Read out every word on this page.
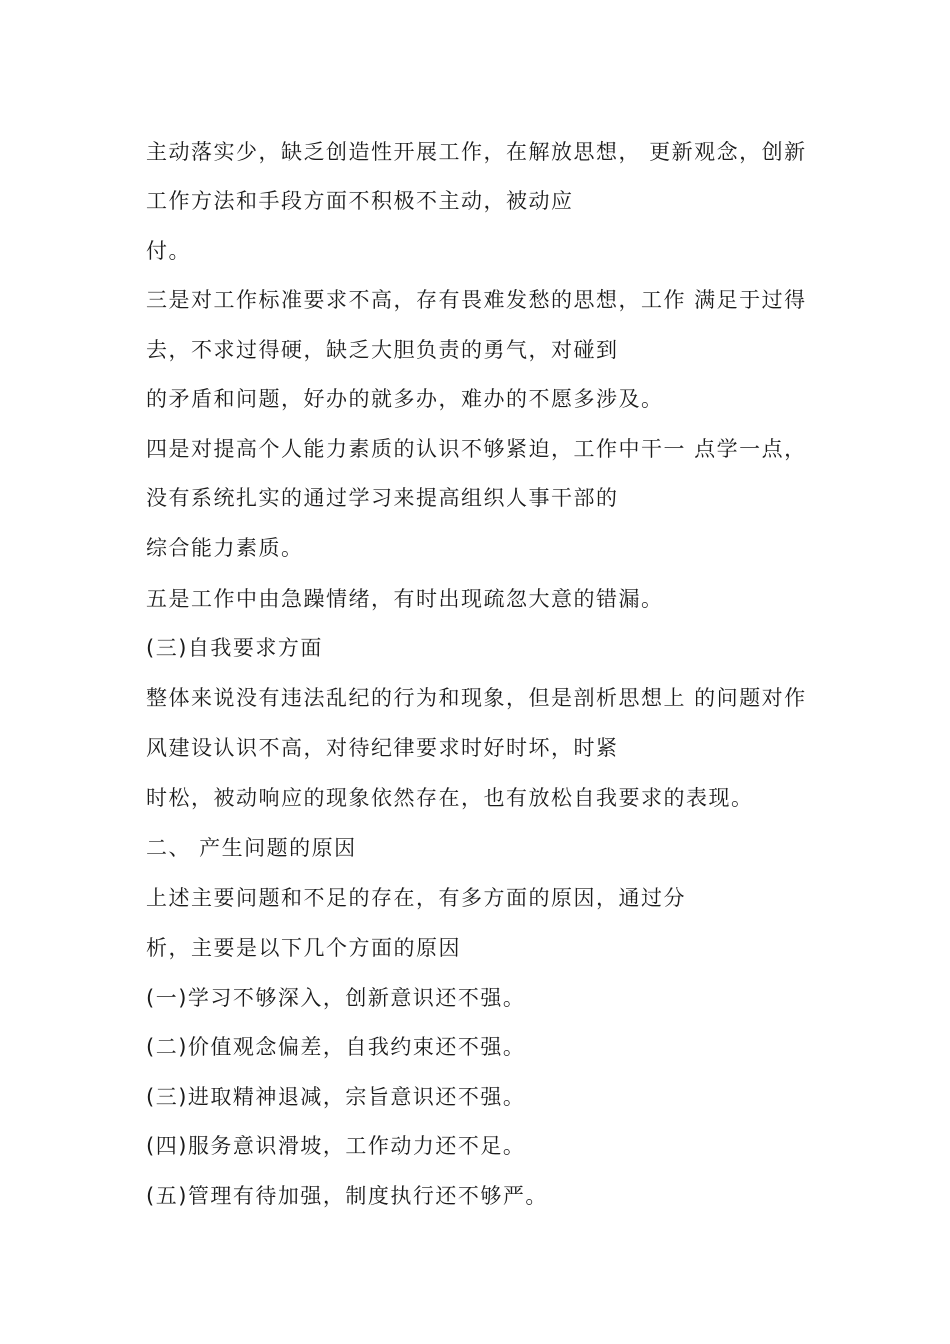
主动落实少，缺乏创造性开展工作，在解放思想， 更新观念，创新
工作方法和手段方面不积极不主动，被动应
付。
三是对工作标准要求不高，存有畏难发愁的思想，工作 满足于过得
去，不求过得硬，缺乏大胆负责的勇气，对碰到
的矛盾和问题，好办的就多办，难办的不愿多涉及。
四是对提高个人能力素质的认识不够紧迫，工作中干一 点学一点，
没有系统扎实的通过学习来提高组织人事干部的
综合能力素质。
五是工作中由急躁情绪，有时出现疏忽大意的错漏。
(三)自我要求方面
整体来说没有违法乱纪的行为和现象，但是剖析思想上 的问题对作
风建设认识不高，对待纪律要求时好时坏，时紧
时松，被动响应的现象依然存在，也有放松自我要求的表现。
二、 产生问题的原因
上述主要问题和不足的存在，有多方面的原因，通过分
析，主要是以下几个方面的原因
(一)学习不够深入，创新意识还不强。
(二)价值观念偏差，自我约束还不强。
(三)进取精神退减，宗旨意识还不强。
(四)服务意识滑坡，工作动力还不足。
(五)管理有待加强，制度执行还不够严。
